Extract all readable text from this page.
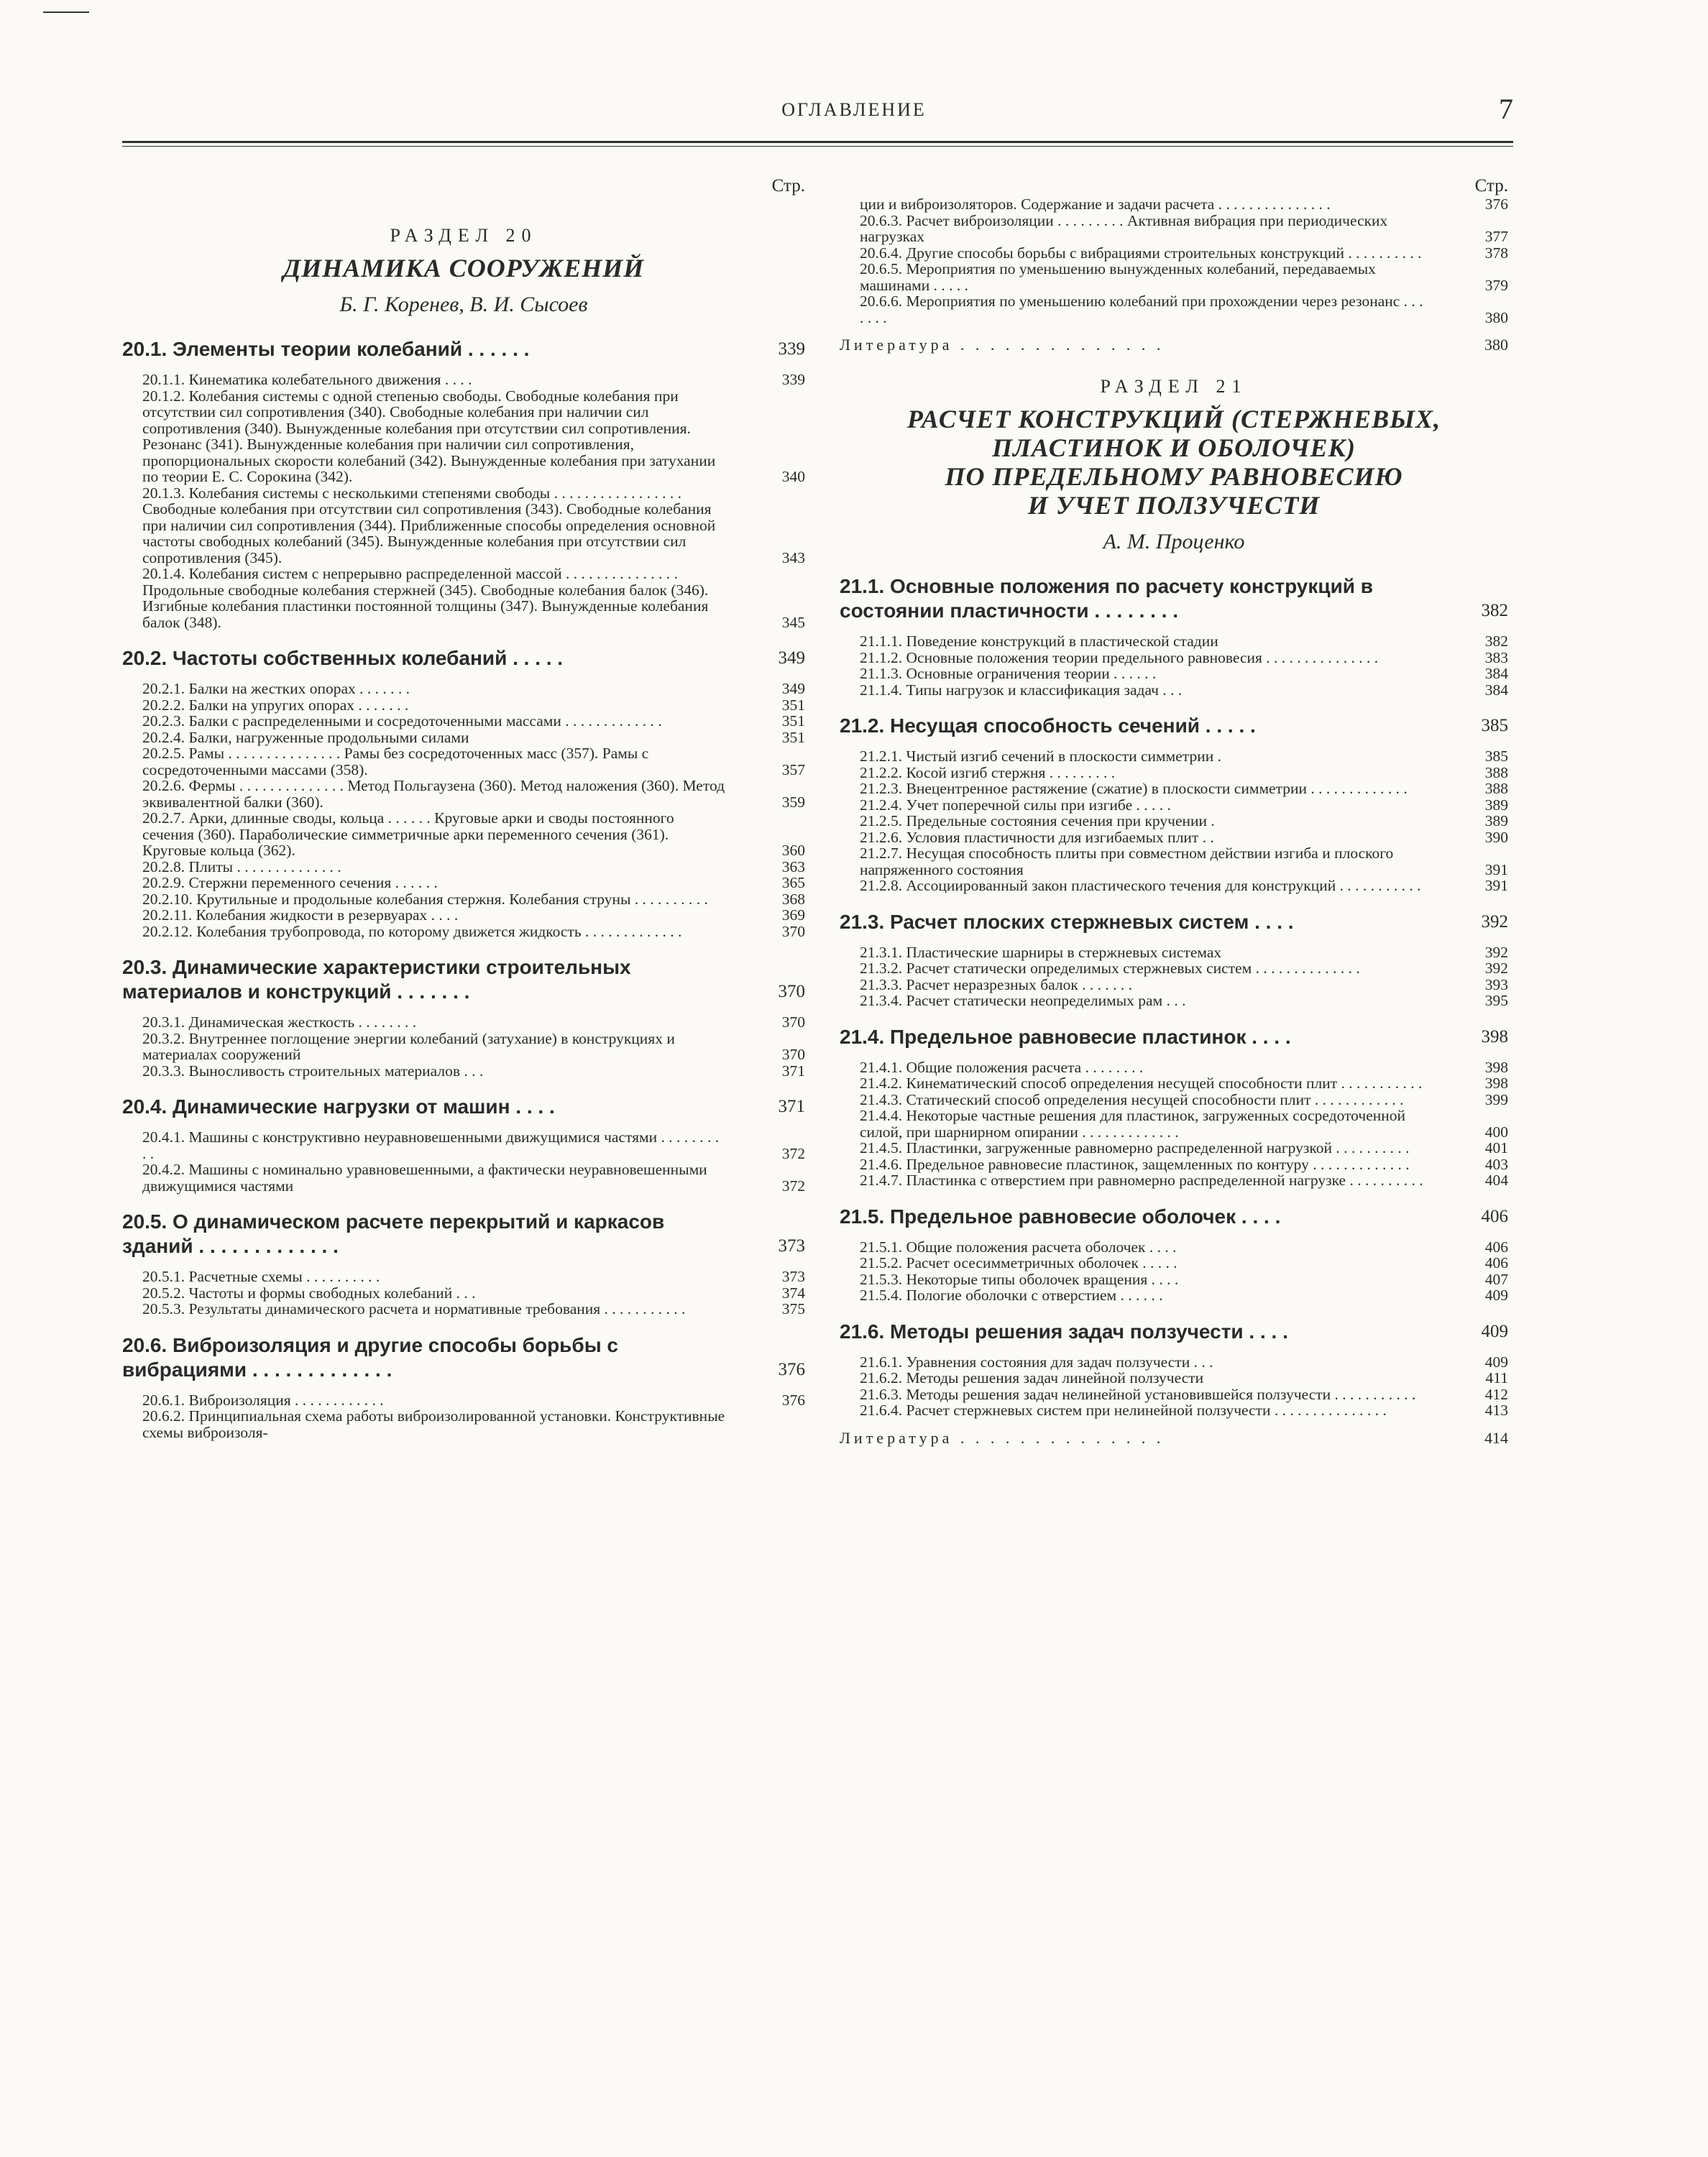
ОГЛАВЛЕНИЕ	7
Стр.
РАЗДЕЛ 20
ДИНАМИКА СООРУЖЕНИЙ
Б. Г. Коренев, В. И. Сысоев
20.1. Элементы теории колебаний . . . . . .	339
20.1.1. Кинематика колебательного движения . . . .	339
20.1.2. Колебания системы с одной степенью свободы. Свободные колебания при отсутствии сил сопротивления (340). Свободные колебания при наличии сил сопротивления (340). Вынужденные колебания при отсутствии сил сопротивления. Резонанс (341). Вынужденные колебания при наличии сил сопротивления, пропорциональных скорости колебаний (342). Вынужденные колебания при затухании по теории Е. С. Сорокина (342).	340
20.1.3. Колебания системы с несколькими степенями свободы . . . . . . . . . . . . . . . . . Свободные колебания при отсутствии сил сопротивления (343). Свободные колебания при наличии сил сопротивления (344). Приближенные способы определения основной частоты свободных колебаний (345). Вынужденные колебания при отсутствии сил сопротивления (345).	343
20.1.4. Колебания систем с непрерывно распределенной массой . . . . . . . . . . . . . . . Продольные свободные колебания стержней (345). Свободные колебания балок (346). Изгибные колебания пластинки постоянной толщины (347). Вынужденные колебания балок (348).	345
20.2. Частоты собственных колебаний . . . . .	349
20.2.1. Балки на жестких опорах . . . . . . .	349
20.2.2. Балки на упругих опорах . . . . . . .	351
20.2.3. Балки с распределенными и сосредоточенными массами . . . . . . . . . . . . .	351
20.2.4. Балки, нагруженные продольными силами	351
20.2.5. Рамы . . . . . . . . . . . . . . . Рамы без сосредоточенных масс (357). Рамы с сосредоточенными массами (358).	357
20.2.6. Фермы . . . . . . . . . . . . . . Метод Польгаузена (360). Метод наложения (360). Метод эквивалентной балки (360).	359
20.2.7. Арки, длинные своды, кольца . . . . . . Круговые арки и своды постоянного сечения (360). Параболические симметричные арки переменного сечения (361). Круговые кольца (362).	360
20.2.8. Плиты . . . . . . . . . . . . . .	363
20.2.9. Стержни переменного сечения . . . . . .	365
20.2.10. Крутильные и продольные колебания стержня. Колебания струны . . . . . . . . . .	368
20.2.11. Колебания жидкости в резервуарах . . . .	369
20.2.12. Колебания трубопровода, по которому движется жидкость . . . . . . . . . . . . .	370
20.3. Динамические характеристики строительных материалов и конструкций . . . . . . .	370
20.3.1. Динамическая жесткость . . . . . . . .	370
20.3.2. Внутреннее поглощение энергии колебаний (затухание) в конструкциях и материалах сооружений	370
20.3.3. Выносливость строительных материалов . . .	371
20.4. Динамические нагрузки от машин . . . .	371
20.4.1. Машины с конструктивно неуравновешенными движущимися частями . . . . . . . . . .	372
20.4.2. Машины с номинально уравновешенными, а фактически неуравновешенными движущимися частями	372
20.5. О динамическом расчете перекрытий и каркасов зданий . . . . . . . . . . . . .	373
20.5.1. Расчетные схемы . . . . . . . . . .	373
20.5.2. Частоты и формы свободных колебаний . . .	374
20.5.3. Результаты динамического расчета и нормативные требования . . . . . . . . . . .	375
20.6. Виброизоляция и другие способы борьбы с вибрациями . . . . . . . . . . . . .	376
20.6.1. Виброизоляция . . . . . . . . . . . .	376
20.6.2. Принципиальная схема работы виброизолированной установки. Конструктивные схемы виброизоля-
Стр.
ции и виброизоляторов. Содержание и задачи расчета . . . . . . . . . . . . . . .	376
20.6.3. Расчет виброизоляции . . . . . . . . . Активная вибрация при периодических нагрузках	377
20.6.4. Другие способы борьбы с вибрациями строительных конструкций . . . . . . . . . .	378
20.6.5. Мероприятия по уменьшению вынужденных колебаний, передаваемых машинами . . . . .	379
20.6.6. Мероприятия по уменьшению колебаний при прохождении через резонанс . . . . . . .	380
Литература . . . . . . . . . . . . . .	380
РАЗДЕЛ 21
РАСЧЕТ КОНСТРУКЦИЙ (СТЕРЖНЕВЫХ,
ПЛАСТИНОК И ОБОЛОЧЕК)
ПО ПРЕДЕЛЬНОМУ РАВНОВЕСИЮ
И УЧЕТ ПОЛЗУЧЕСТИ
А. М. Проценко
21.1. Основные положения по расчету конструкций в состоянии пластичности . . . . . . . .	382
21.1.1. Поведение конструкций в пластической стадии	382
21.1.2. Основные положения теории предельного равновесия . . . . . . . . . . . . . . .	383
21.1.3. Основные ограничения теории . . . . . .	384
21.1.4. Типы нагрузок и классификация задач . . .	384
21.2. Несущая способность сечений . . . . .	385
21.2.1. Чистый изгиб сечений в плоскости симметрии .	385
21.2.2. Косой изгиб стержня . . . . . . . . .	388
21.2.3. Внецентренное растяжение (сжатие) в плоскости симметрии . . . . . . . . . . . . .	388
21.2.4. Учет поперечной силы при изгибе . . . . .	389
21.2.5. Предельные состояния сечения при кручении .	389
21.2.6. Условия пластичности для изгибаемых плит . .	390
21.2.7. Несущая способность плиты при совместном действии изгиба и плоского напряженного состояния	391
21.2.8. Ассоциированный закон пластического течения для конструкций . . . . . . . . . . .	391
21.3. Расчет плоских стержневых систем . . . .	392
21.3.1. Пластические шарниры в стержневых системах	392
21.3.2. Расчет статически определимых стержневых систем . . . . . . . . . . . . . .	392
21.3.3. Расчет неразрезных балок . . . . . . .	393
21.3.4. Расчет статически неопределимых рам . . .	395
21.4. Предельное равновесие пластинок . . . .	398
21.4.1. Общие положения расчета . . . . . . . .	398
21.4.2. Кинематический способ определения несущей способности плит . . . . . . . . . . .	398
21.4.3. Статический способ определения несущей способности плит . . . . . . . . . . . .	399
21.4.4. Некоторые частные решения для пластинок, загруженных сосредоточенной силой, при шарнирном опирании . . . . . . . . . . . . .	400
21.4.5. Пластинки, загруженные равномерно распределенной нагрузкой . . . . . . . . . .	401
21.4.6. Предельное равновесие пластинок, защемленных по контуру . . . . . . . . . . . . .	403
21.4.7. Пластинка с отверстием при равномерно распределенной нагрузке . . . . . . . . . .	404
21.5. Предельное равновесие оболочек . . . .	406
21.5.1. Общие положения расчета оболочек . . . .	406
21.5.2. Расчет осесимметричных оболочек . . . . .	406
21.5.3. Некоторые типы оболочек вращения . . . .	407
21.5.4. Пологие оболочки с отверстием . . . . . .	409
21.6. Методы решения задач ползучести . . . .	409
21.6.1. Уравнения состояния для задач ползучести . . .	409
21.6.2. Методы решения задач линейной ползучести	411
21.6.3. Методы решения задач нелинейной установившейся ползучести . . . . . . . . . . .	412
21.6.4. Расчет стержневых систем при нелинейной ползучести . . . . . . . . . . . . . . .	413
Литература . . . . . . . . . . . . . .	414
